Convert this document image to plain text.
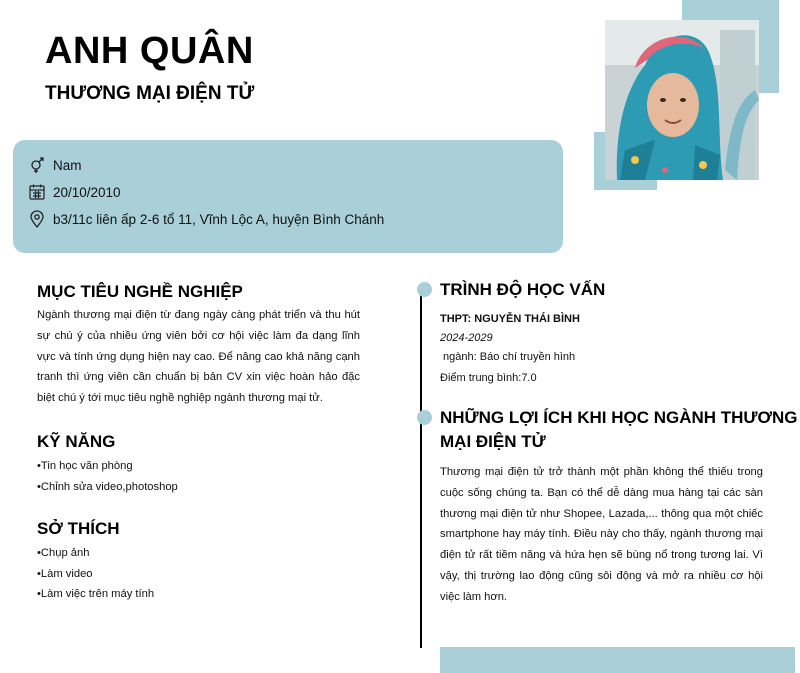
ANH QUÂN
THƯƠNG MẠI ĐIỆN TỬ
Nam
20/10/2010
b3/11c liên ấp 2-6 tổ 11, Vĩnh Lộc A, huyện Bình Chánh
MỤC TIÊU NGHỀ NGHIỆP
Ngành thương mại điện từ đang ngày càng phát triển và thu hút sự chú ý của nhiều ứng viên bởi cơ hội việc làm đa dạng lĩnh vực và tính ứng dụng hiện nay cao. Để nâng cao khả năng cạnh tranh thì ứng viên cần chuẩn bị bản CV xin việc hoàn hảo đặc biệt chú ý tới mục tiêu nghề nghiệp ngành thương mại tử.
KỸ NĂNG
•Tin học văn phòng
•Chỉnh sửa video,photoshop
SỞ THÍCH
•Chụp ảnh
•Làm video
•Làm việc trên máy tính
TRÌNH ĐỘ HỌC VẤN
THPT: NGUYỄN THÁI BÌNH
2024-2029
ngành: Báo chí truyền hình
Điểm trung bình:7.0
NHỮNG LỢI ÍCH KHI HỌC NGÀNH THƯƠNG
MẠI ĐIỆN TỬ
Thương mại điện tử trở thành một phần không thể thiếu trong cuộc sống chúng ta. Bạn có thể dễ dàng mua hàng tại các sàn thương mại điện tử như Shopee, Lazada,... thông qua một chiếc smartphone hay máy tính. Điều này cho thấy, ngành thương mại điện tử rất tiềm năng và hứa hẹn sẽ bùng nổ trong tương lai. Vì vậy, thị trường lao động cũng sôi động và mở ra nhiều cơ hội việc làm hơn.
